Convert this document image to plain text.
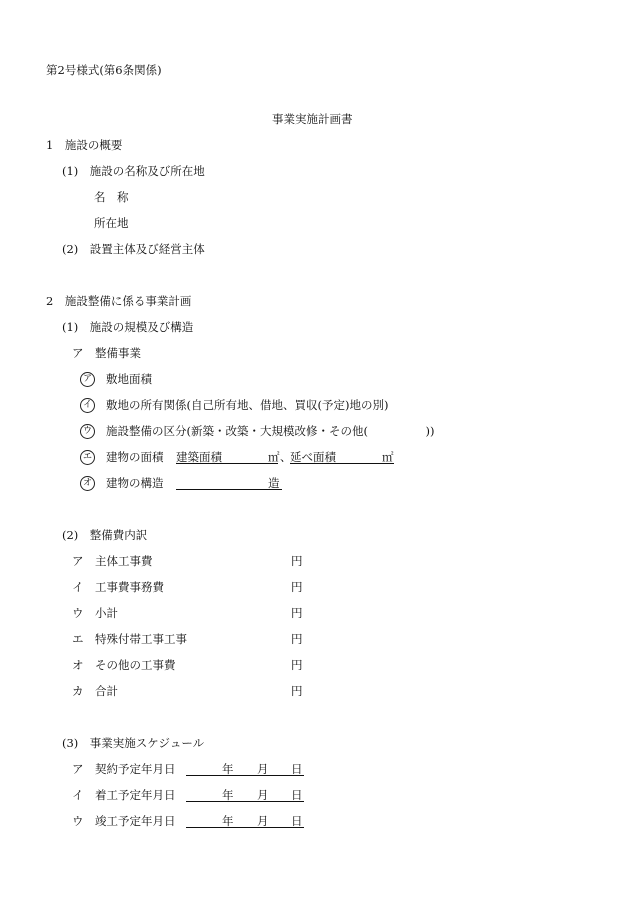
第2号様式(第6条関係)
事業実施計画書
1　施設の概要
(1)　施設の名称及び所在地
名　称
所在地
(2)　設置主体及び経営主体
2　施設整備に係る事業計画
(1)　施設の規模及び構造
ア　整備事業
ア 敷地面積
イ 敷地の所有関係(自己所有地、借地、買収(予定)地の別)
ウ 施設整備の区分(新築・改築・大規模改修・その他(　　　　　))
エ 建物の面積 建築面積	㎡ 、
延べ面積	㎡
オ 建物の構造	造
(2)　整備費内訳
ア　主体工事費	円
イ　工事費事務費	円
ウ　小計	円
エ　特殊付帯工事工事	円
オ　その他の工事費	円
カ　合計	円
(3)　事業実施スケジュール
ア　契約予定年月日	年 月 日
イ　着工予定年月日	年 月 日
ウ　竣工予定年月日	年 月 日
